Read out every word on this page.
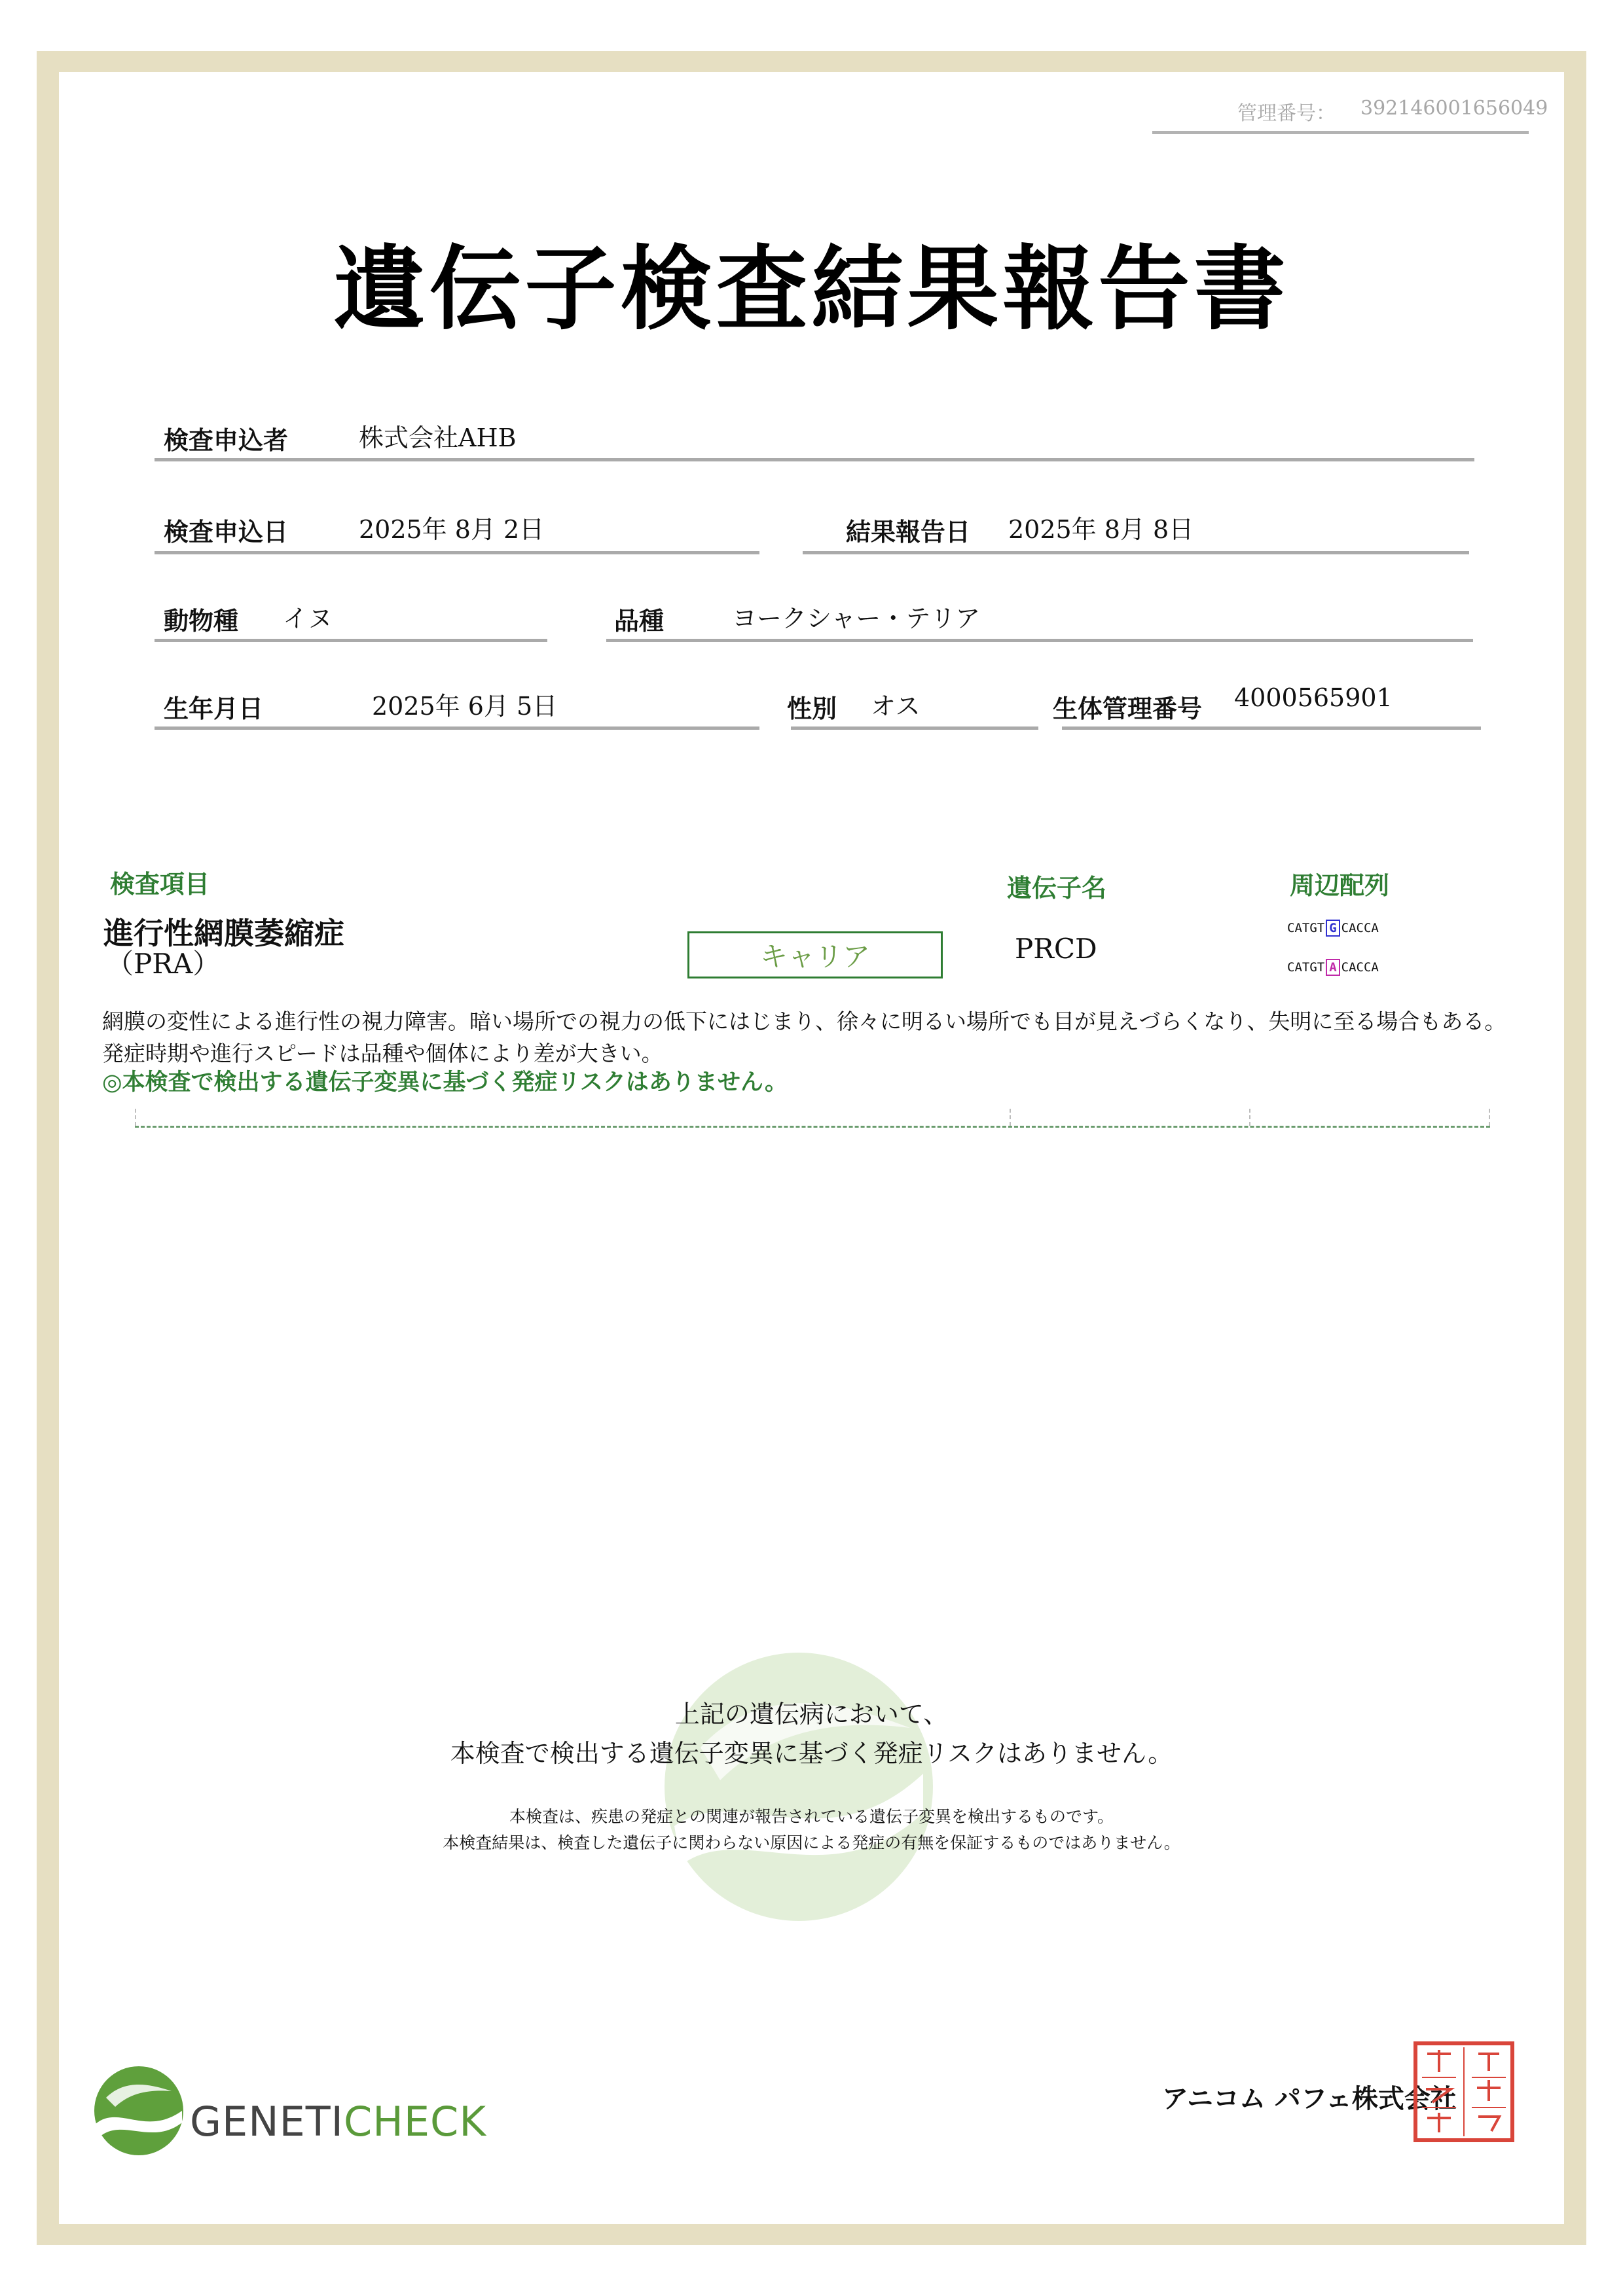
管理番号： 392146001656049
遺伝子検査結果報告書
検査申込者	株式会社AHB
検査申込日	2025年 8月 2日	結果報告日 2025年 8月 8日
動物種 イヌ	品種	ヨークシャー・テリア
生年月日	2025年 6月 5日	性別 オス	生体管理番号 4000565901
検査項目	遺伝子名	周辺配列
進行性網膜萎縮症
（PRA）	キャリア	PRCD
CATGT G CACCA
CATGT A CACCA
網膜の変性による進行性の視力障害。暗い場所での視力の低下にはじまり、徐々に明るい場所でも目が見えづらくなり、失明に至る場合もある。
発症時期や進行スピードは品種や個体により差が大きい。
◎本検査で検出する遺伝子変異に基づく発症リスクはありません。
上記の遺伝病において、
本検査で検出する遺伝子変異に基づく発症リスクはありません。
本検査は、疾患の発症との関連が報告されている遺伝子変異を検出するものです。
本検査結果は、検査した遺伝子に関わらない原因による発症の有無を保証するものではありません。
GENETICHECK	アニコム パフェ株式会社
